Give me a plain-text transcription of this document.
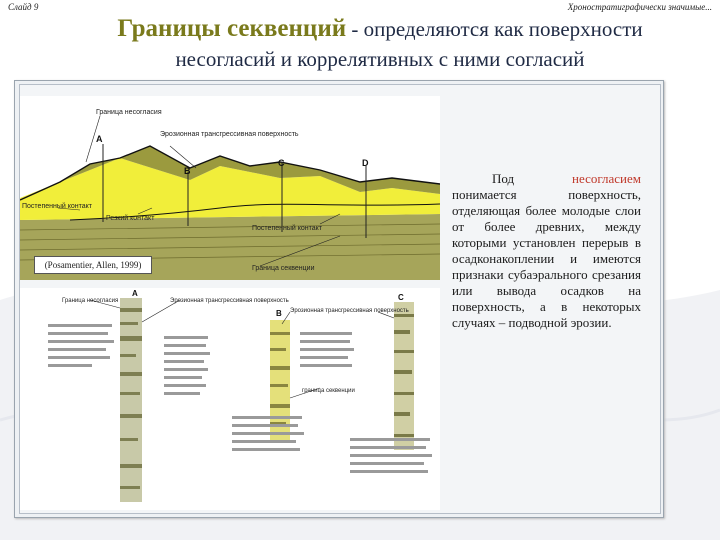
Слайд 9	Хроностратиграфически значимые...
Границы секвенций - определяются как поверхности
несогласий и коррелятивных с ними согласий
Граница несогласия
Эрозионная трансгрессивная поверхность
Постепенный контакт
Резкий контакт
Постепенный контакт
Граница секвенции
A
B
C	D
(Posamentier, Allen, 1999)
Граница несогласия	Эрозионная трансгрессивная поверхность
Эрозионная трансгрессивная поверхность
граница секвенции
A
B
C
Под	несогласием понимается поверхность, отделяющая более молодые слои от более древних, между которыми установлен перерыв в осадконакоплении и имеются признаки субаэрального срезания или вывода осадков на поверхность, а в некоторых случаях – подводной эрозии.
